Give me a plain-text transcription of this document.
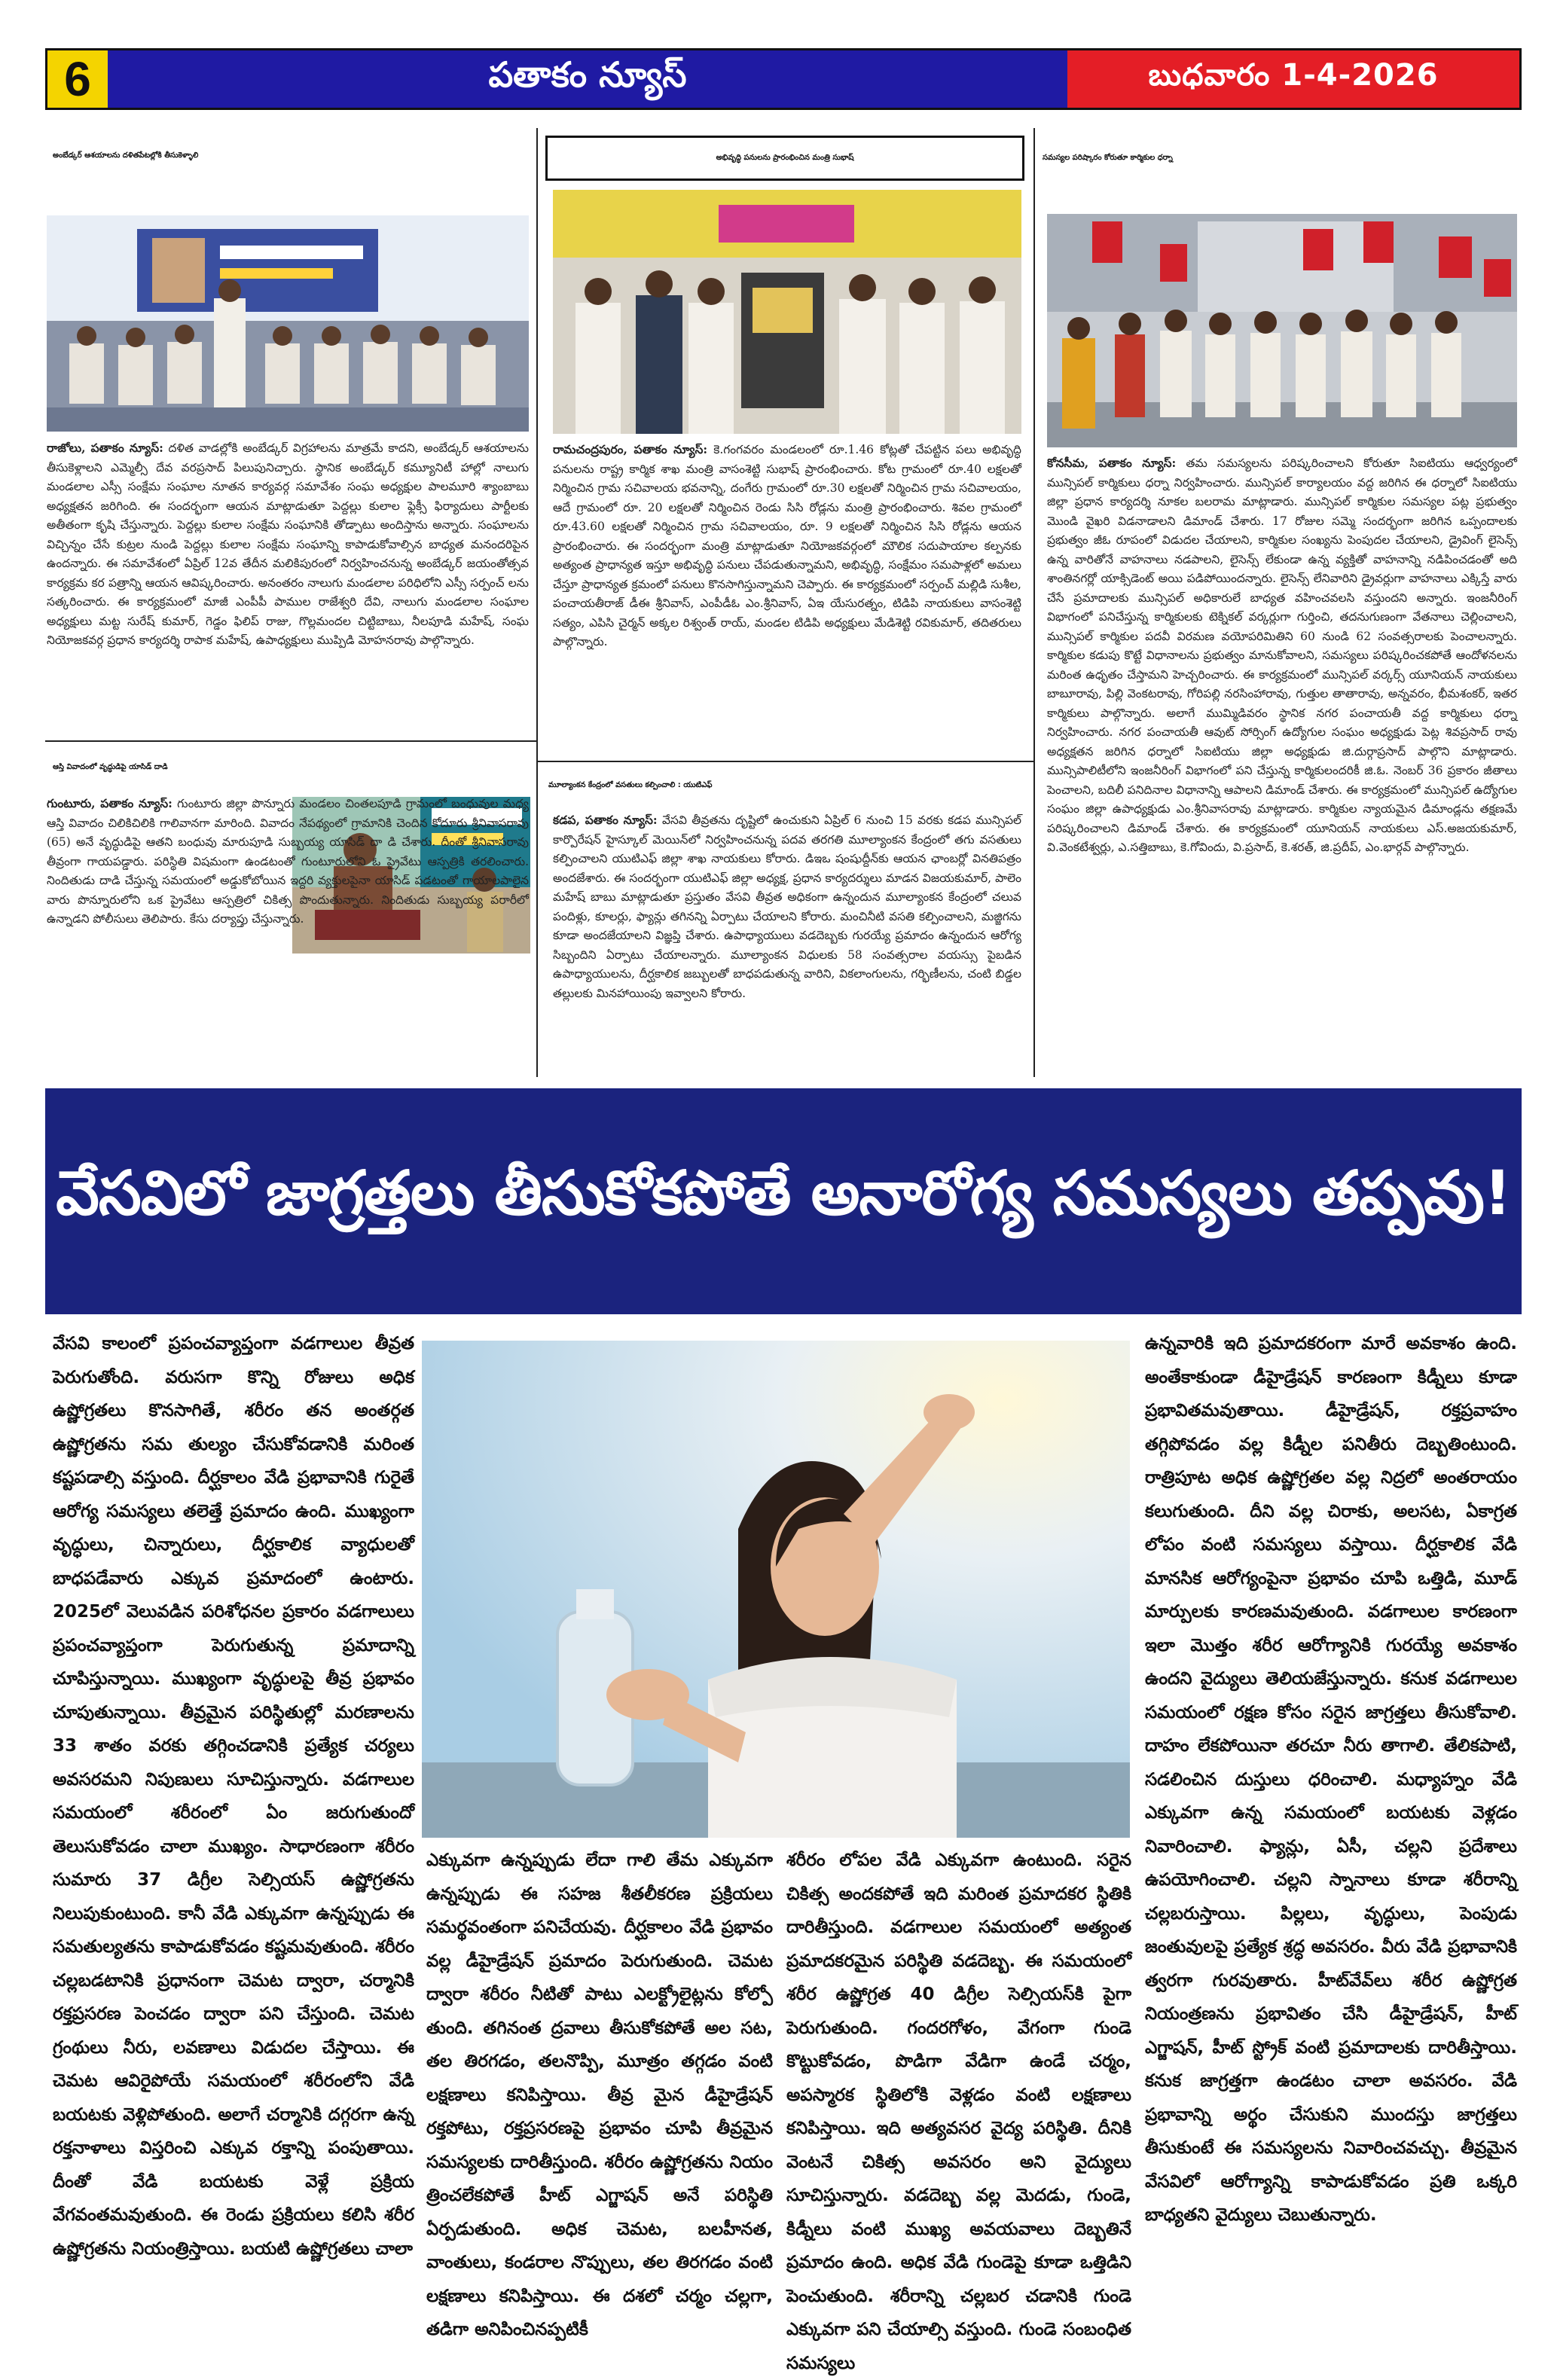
6	పతాకం న్యూస్	బుధవారం 1-4-2026
అంబేడ్కర్ ఆశయాలను దళితపేటల్లోకి తీసుకెళ్ళాలి
రాజోలు, పతాకం న్యూస్: దళిత వాడల్లోకి అంబేడ్కర్ విగ్రహాలను మాత్రమే కాదని, అంబేడ్కర్ ఆశయాలను తీసుకెళ్లాలని ఎమ్మెల్సీ దేవ వరప్రసాద్ పిలుపునిచ్చారు. స్థానిక అంబేడ్కర్ కమ్యూనిటీ హాల్లో నాలుగు మండలాల ఎస్సీ సంక్షేమ సంఘాల నూతన కార్యవర్గ సమావేశం సంఘ అధ్యక్షుల పాలమూరి శ్యాంబాబు అధ్యక్షతన జరిగింది. ఈ సందర్భంగా ఆయన మాట్లాడుతూ పెద్దల్లు కులాల ఫ్లెక్సీ ఫిర్యాదులు పార్టీలకు అతీతంగా కృషి చేస్తున్నారు. పెద్దల్లు కులాల సంక్షేమ సంఘానికి తోడ్పాటు అందిస్తాను అన్నారు. సంఘాలను విచ్చిన్నం చేసే కుట్రల నుండి పెద్దల్లు కులాల సంక్షేమ సంఘాన్ని కాపాడుకోవాల్సిన బాధ్యత మనందరిపైన ఉందన్నారు. ఈ సమావేశంలో ఏప్రిల్ 12వ తేదీన మలికిపురంలో నిర్వహించనున్న అంబేడ్కర్ జయంతోత్సవ కార్యక్రమ కర పత్రాన్ని ఆయన ఆవిష్కరించారు. అనంతరం నాలుగు మండలాల పరిధిలోని ఎస్సీ సర్పంచ్ లను సత్కరించారు. ఈ కార్యక్రమంలో మాజీ ఎంపీపీ పాముల రాజేశ్వరి దేవి, నాలుగు మండలాల సంఘాల అధ్యక్షులు మట్ట సురేష్ కుమార్, గెడ్డం ఫిలిప్ రాజు, గొల్లమందల చిట్టిబాబు, నీలపూడి మహేష్, సంఘ నియోజకవర్గ ప్రధాన కార్యదర్శి రాపాక మహేష్, ఉపాధ్యక్షులు ముప్పిడి మోహనరావు పాల్గొన్నారు.
ఆస్తి వివాదంలో వృద్ధుడిపై యాసిడ్ దాడి
గుంటూరు, పతాకం న్యూస్: గుంటూరు జిల్లా పొన్నూరు మండలం చింతలపూడి గ్రామంలో బంధువుల మధ్య ఆస్తి వివాదం చిలికిచిలికి గాలివానగా మారింది. వివాదం నేపథ్యంలో గ్రామానికి చెందిన కోదూరు శ్రీనివాసరావు (65) అనే వృద్ధుడిపై ఆతని బంధువు మారుపూడి సుబ్బయ్య యాసిడ్ దా డి చేశారు. దీంతో శ్రీనివాసరావు తీవ్రంగా గాయపడ్డారు. పరిస్థితి విషమంగా ఉండటంతో గుంటూరులోని ఓ ప్రైవేటు ఆస్పత్రికి తరలించారు. నిందితుడు దాడి చేస్తున్న సమయంలో అడ్డుకోబోయిన ఇద్దరి వ్యక్తులపైనా యాసిడ్ పడటంతో గాయాలపాలైన వారు పొన్నూరులోని ఒక ప్రైవేటు ఆస్పత్రిలో చికిత్స పొందుతున్నారు. నిందితుడు సుబ్బయ్య పరారీలో ఉన్నాడని పోలీసులు తెలిపారు. కేసు దర్యాప్తు చేస్తున్నారు.
అభివృద్ధి పనులను ప్రారంభించిన మంత్రి సుభాష్
రామచంద్రపురం, పతాకం న్యూస్: కె.గంగవరం మండలంలో రూ.1.46 కోట్లతో చేపట్టిన పలు అభివృద్ధి పనులను రాష్ట్ర కార్మిక శాఖ మంత్రి వాసంశెట్టి సుభాష్ ప్రారంభించారు. కోట గ్రామంలో రూ.40 లక్షలతో నిర్మించిన గ్రామ సచివాలయ భవనాన్ని, దంగేరు గ్రామంలో రూ.30 లక్షలతో నిర్మించిన గ్రామ సచివాలయం, ఆదే గ్రామంలో రూ. 20 లక్షలతో నిర్మించిన రెండు సిసి రోడ్లను మంత్రి ప్రారంభించారు. శివల గ్రామంలో రూ.43.60 లక్షలతో నిర్మించిన గ్రామ సచివాలయం, రూ. 9 లక్షలతో నిర్మించిన సిసి రోడ్లను ఆయన ప్రారంభించారు. ఈ సందర్భంగా మంత్రి మాట్లాడుతూ నియోజకవర్గంలో మౌలిక సదుపాయాల కల్పనకు అత్యంత ప్రాధాన్యత ఇస్తూ అభివృద్ధి పనులు చేపడుతున్నామని, అభివృద్ధి, సంక్షేమం సమపాళ్లలో అమలు చేస్తూ ప్రాధాన్యత క్రమంలో పనులు కొనసాగిస్తున్నామని చెప్పారు. ఈ కార్యక్రమంలో సర్పంచ్ మల్లిడి సుశీల, పంచాయతీరాజ్ డీఈ శ్రీనివాస్, ఎంపీడీఓ ఎం.శ్రీనివాస్, ఏఇ యేసురత్నం, టిడిపి నాయకులు వాసంశెట్టి సత్యం, ఎపిసి చైర్మన్ అక్కల రిశ్వంత్ రాయ్, మండల టిడిపి అధ్యక్షులు మేడిశెట్టి రవికుమార్, తదితరులు పాల్గొన్నారు.
మూల్యాంకన కేంద్రంలో వసతులు కల్పించాలి : యుటిఎఫ్
కడప, పతాకం న్యూస్: వేసవి తీవ్రతను దృష్టిలో ఉంచుకుని ఏప్రిల్ 6 నుంచి 15 వరకు కడప మున్సిపల్ కార్పొరేషన్ హైస్కూల్ మెయిన్‌లో నిర్వహించనున్న పదవ తరగతి మూల్యాంకన కేంద్రంలో తగు వసతులు కల్పించాలని యుటిఎఫ్ జిల్లా శాఖ నాయకులు కోరారు. డిఇఒ షంషుద్దీన్‌కు ఆయన ఛాంబర్లో వినతిపత్రం అందజేశారు. ఈ సందర్భంగా యుటిఎఫ్ జిల్లా అధ్యక్ష, ప్రధాన కార్యదర్శులు మాడన విజయకుమార్, పాలెం మహేష్ బాబు మాట్లాడుతూ ప్రస్తుతం వేసవి తీవ్రత అధికంగా ఉన్నందున మూల్యాంకన కేంద్రంలో చలువ పందిళ్లు, కూలర్లు, ఫ్యాన్లు తగినన్ని ఏర్పాటు చేయాలని కోరారు. మంచినీటి వసతి కల్పించాలని, మజ్జిగను కూడా అందజేయాలని విజ్ఞప్తి చేశారు. ఉపాధ్యాయులు వడదెబ్బకు గురయ్యే ప్రమాదం ఉన్నందున ఆరోగ్య సిబ్బందిని ఏర్పాటు చేయాలన్నారు. మూల్యాంకన విధులకు 58 సంవత్సరాల వయస్సు పైబడిన ఉపాధ్యాయులను, దీర్ఘకాలిక జబ్బులతో బాధపడుతున్న వారిని, వికలాంగులను, గర్భిణీలను, చంటి బిడ్డల తల్లులకు మినహాయింపు ఇవ్వాలని కోరారు.
సమస్యల పరిష్కారం కోరుతూ కార్మికుల ధర్నా
కోనసీమ, పతాకం న్యూస్: తమ సమస్యలను పరిష్కరించాలని కోరుతూ సిఐటియు ఆధ్వర్యంలో మున్సిపల్ కార్మికులు ధర్నా నిర్వహించారు. మున్సిపల్ కార్యాలయం వద్ద జరిగిన ఈ ధర్నాలో సిఐటియు జిల్లా ప్రధాన కార్యదర్శి నూకల బలరామ మాట్లాడారు. మున్సిపల్ కార్మికుల సమస్యల పట్ల ప్రభుత్వం మొండి వైఖరి విడనాడాలని డిమాండ్ చేశారు. 17 రోజుల సమ్మె సందర్భంగా జరిగిన ఒప్పందాలకు ప్రభుత్వం జీఓ రూపంలో విడుదల చేయాలని, కార్మికుల సంఖ్యను పెంపుదల చేయాలని, డ్రైవింగ్ లైసెన్స్ ఉన్న వారితోనే వాహనాలు నడపాలని, లైసెన్స్ లేకుండా ఉన్న వ్యక్తితో వాహనాన్ని నడిపించడంతో అది శాంతినగర్లో యాక్సిడెంట్ అయి పడిపోయిందన్నారు. లైసెన్స్ లేనివారిని డ్రైవర్లుగా వాహనాలు ఎక్కిస్తే వారు చేసే ప్రమాదాలకు మున్సిపల్ అధికారులే బాధ్యత వహించవలసి వస్తుందని అన్నారు. ఇంజనీరింగ్ విభాగంలో పనిచేస్తున్న కార్మికులకు టెక్నికల్ వర్కర్లుగా గుర్తించి, తదనుగుణంగా వేతనాలు చెల్లించాలని, మున్సిపల్ కార్మికుల పదవీ విరమణ వయోపరిమితిని 60 నుండి 62 సంవత్సరాలకు పెంచాలన్నారు. కార్మికుల కడుపు కొట్టే విధానాలను ప్రభుత్వం మానుకోవాలని, సమస్యలు పరిష్కరించకపోతే ఆందోళనలను మరింత ఉధృతం చేస్తామని హెచ్చరించారు. ఈ కార్యక్రమంలో మున్సిపల్ వర్కర్స్ యూనియన్ నాయకులు బాబూరావు, పిల్లి వెంకటరావు, గోరిపల్లి నరసింహారావు, గుత్తుల తాతారావు, అన్నవరం, భీమశంకర్, ఇతర కార్మికులు పాల్గొన్నారు. అలాగే ముమ్మిడివరం స్థానిక నగర పంచాయతీ వద్ద కార్మికులు ధర్నా నిర్వహించారు. నగర పంచాయతీ ఆవుట్ సోర్సింగ్ ఉద్యోగుల సంఘం అధ్యక్షుడు పెట్ల శివప్రసాద్ రావు అధ్యక్షతన జరిగిన ధర్నాలో సిఐటియు జిల్లా అధ్యక్షుడు జి.దుర్గాప్రసాద్ పాల్గొని మాట్లాడారు. మున్సిపాలిటీలోని ఇంజనీరింగ్ విభాగంలో పని చేస్తున్న కార్మికులందరికీ జి.ఓ. నెంబర్ 36 ప్రకారం జీతాలు పెంచాలని, బదిలీ పనిదినాల విధానాన్ని ఆపాలని డిమాండ్ చేశారు. ఈ కార్యక్రమంలో మున్సిపల్ ఉద్యోగుల సంఘం జిల్లా ఉపాధ్యక్షుడు ఎం.శ్రీనివాసరావు మాట్లాడారు. కార్మికుల న్యాయమైన డిమాండ్లను తక్షణమే పరిష్కరించాలని డిమాండ్ చేశారు. ఈ కార్యక్రమంలో యూనియన్ నాయకులు ఎస్.అజయకుమార్, వి.వెంకటేశ్వర్లు, ఎ.సత్తిబాబు, కె.గోవిందు, వి.ప్రసాద్, కె.శరత్, జి.ప్రదీప్, ఎం.భార్గవ్ పాల్గొన్నారు.
వేసవిలో జాగ్రత్తలు తీసుకోకపోతే అనారోగ్య సమస్యలు తప్పవు!
వేసవి కాలంలో ప్రపంచవ్యాప్తంగా వడగాలుల తీవ్రత పెరుగుతోంది. వరుసగా కొన్ని రోజులు అధిక ఉష్ణోగ్రతలు కొనసాగితే, శరీరం తన అంతర్గత ఉష్ణోగ్రతను సమ తుల్యం చేసుకోవడానికి మరింత కష్టపడాల్సి వస్తుంది. దీర్ఘకాలం వేడి ప్రభావానికి గురైతే ఆరోగ్య సమస్యలు తలెత్తే ప్రమాదం ఉంది. ముఖ్యంగా వృద్ధులు, చిన్నారులు, దీర్ఘకాలిక వ్యాధులతో బాధపడేవారు ఎక్కువ ప్రమాదంలో ఉంటారు. 2025లో వెలువడిన పరిశోధనల ప్రకారం వడగాలులు ప్రపంచవ్యాప్తంగా పెరుగుతున్న ప్రమాదాన్ని చూపిస్తున్నాయి. ముఖ్యంగా వృద్ధులపై తీవ్ర ప్రభావం చూపుతున్నాయి. తీవ్రమైన పరిస్థితుల్లో మరణాలను 33 శాతం వరకు తగ్గించడానికి ప్రత్యేక చర్యలు అవసరమని నిపుణులు సూచిస్తున్నారు. వడగాలుల సమయంలో శరీరంలో ఏం జరుగుతుందో తెలుసుకోవడం చాలా ముఖ్యం. సాధారణంగా శరీరం సుమారు 37 డిగ్రీల సెల్సియస్ ఉష్ణోగ్రతను నిలుపుకుంటుంది. కానీ వేడి ఎక్కువగా ఉన్నప్పుడు ఈ సమతుల్యతను కాపాడుకోవడం కష్టమవుతుంది. శరీరం చల్లబడటానికి ప్రధానంగా చెమట ద్వారా, చర్మానికి రక్తప్రసరణ పెంచడం ద్వారా పని చేస్తుంది. చెమట గ్రంథులు నీరు, లవణాలు విడుదల చేస్తాయి. ఈ చెమట ఆవిరైపోయే సమయంలో శరీరంలోని వేడి బయటకు వెళ్లిపోతుంది. అలాగే చర్మానికి దగ్గరగా ఉన్న రక్తనాళాలు విస్తరించి ఎక్కువ రక్తాన్ని పంపుతాయి. దీంతో వేడి బయటకు వెళ్లే ప్రక్రియ వేగవంతమవుతుంది. ఈ రెండు ప్రక్రియలు కలిసి శరీర ఉష్ణోగ్రతను నియంత్రిస్తాయి. బయటి ఉష్ణోగ్రతలు చాలా
ఎక్కువగా ఉన్నప్పుడు లేదా గాలి తేమ ఎక్కువగా ఉన్నప్పుడు ఈ సహజ శీతలీకరణ ప్రక్రియలు సమర్థవంతంగా పనిచేయవు. దీర్ఘకాలం వేడి ప్రభావం వల్ల డీహైడ్రేషన్ ప్రమాదం పెరుగుతుంది. చెమట ద్వారా శరీరం నీటితో పాటు ఎలక్ట్రోలైట్లను కోల్పో తుంది. తగినంత ద్రవాలు తీసుకోకపోతే అల సట, తల తిరగడం, తలనొప్పి, మూత్రం తగ్గడం వంటి లక్షణాలు కనిపిస్తాయి. తీవ్ర మైన డీహైడ్రేషన్ రక్తపోటు, రక్తప్రసరణపై ప్రభావం చూపి తీవ్రమైన సమస్యలకు దారితీస్తుంది. శరీరం ఉష్ణోగ్రతను నియం త్రించలేకపోతే హీట్ ఎగ్జాషన్ అనే పరిస్థితి ఏర్పడుతుంది. అధిక చెమట, బలహీనత, వాంతులు, కండరాల నొప్పులు, తల తిరగడం వంటి లక్షణాలు కనిపిస్తాయి. ఈ దశలో చర్మం చల్లగా, తడిగా అనిపించినప్పటికీ
శరీరం లోపల వేడి ఎక్కువగా ఉంటుంది. సరైన చికిత్స అందకపోతే ఇది మరింత ప్రమాదకర స్థితికి దారితీస్తుంది. వడగాలుల సమయంలో అత్యంత ప్రమాదకరమైన పరిస్థితి వడదెబ్బ. ఈ సమయంలో శరీర ఉష్ణోగ్రత 40 డిగ్రీల సెల్సియస్‌కి పైగా పెరుగుతుంది. గందరగోళం, వేగంగా గుండె కొట్టుకోవడం, పొడిగా వేడిగా ఉండే చర్మం, అపస్మారక స్థితిలోకి వెళ్లడం వంటి లక్షణాలు కనిపిస్తాయి. ఇది అత్యవసర వైద్య పరిస్థితి. దీనికి వెంటనే చికిత్స అవసరం అని వైద్యులు సూచిస్తున్నారు. వడదెబ్బ వల్ల మెదడు, గుండె, కిడ్నీలు వంటి ముఖ్య అవయవాలు దెబ్బతినే ప్రమాదం ఉంది. అధిక వేడి గుండెపై కూడా ఒత్తిడిని పెంచుతుంది. శరీరాన్ని చల్లబర చడానికి గుండె ఎక్కువగా పని చేయాల్సి వస్తుంది. గుండె సంబంధిత సమస్యలు
ఉన్నవారికి ఇది ప్రమాదకరంగా మారే అవకాశం ఉంది. అంతేకాకుండా డీహైడ్రేషన్ కారణంగా కిడ్నీలు కూడా ప్రభావితమవుతాయి. డీహైడ్రేషన్, రక్తప్రవాహం తగ్గిపోవడం వల్ల కిడ్నీల పనితీరు దెబ్బతింటుంది. రాత్రిపూట అధిక ఉష్ణోగ్రతల వల్ల నిద్రలో అంతరాయం కలుగుతుంది. దీని వల్ల చిరాకు, అలసట, ఏకాగ్రత లోపం వంటి సమస్యలు వస్తాయి. దీర్ఘకాలిక వేడి మానసిక ఆరోగ్యంపైనా ప్రభావం చూపి ఒత్తిడి, మూడ్ మార్పులకు కారణమవుతుంది. వడగాలుల కారణంగా ఇలా మొత్తం శరీర ఆరోగ్యానికి గురయ్యే అవకాశం ఉందని వైద్యులు తెలియజేస్తున్నారు. కనుక వడగాలుల సమయంలో రక్షణ కోసం సరైన జాగ్రత్తలు తీసుకోవాలి. దాహం లేకపోయినా తరచూ నీరు తాగాలి. తేలికపాటి, సడలించిన దుస్తులు ధరించాలి. మధ్యాహ్నం వేడి ఎక్కువగా ఉన్న సమయంలో బయటకు వెళ్లడం నివారించాలి. ఫ్యాన్లు, ఏసీ, చల్లని ప్రదేశాలు ఉపయోగించాలి. చల్లని స్నానాలు కూడా శరీరాన్ని చల్లబరుస్తాయి. పిల్లలు, వృద్ధులు, పెంపుడు జంతువులపై ప్రత్యేక శ్రద్ధ అవసరం. వీరు వేడి ప్రభావానికి త్వరగా గురవుతారు. హీట్‌వేవ్‌లు శరీర ఉష్ణోగ్రత నియంత్రణను ప్రభావితం చేసి డీహైడ్రేషన్, హీట్ ఎగ్జాషన్, హీట్ స్ట్రోక్ వంటి ప్రమాదాలకు దారితీస్తాయి. కనుక జాగ్రత్తగా ఉండటం చాలా అవసరం. వేడి ప్రభావాన్ని అర్థం చేసుకుని ముందస్తు జాగ్రత్తలు తీసుకుంటే ఈ సమస్యలను నివారించవచ్చు. తీవ్రమైన వేసవిలో ఆరోగ్యాన్ని కాపాడుకోవడం ప్రతి ఒక్కరి బాధ్యతని వైద్యులు చెబుతున్నారు.
